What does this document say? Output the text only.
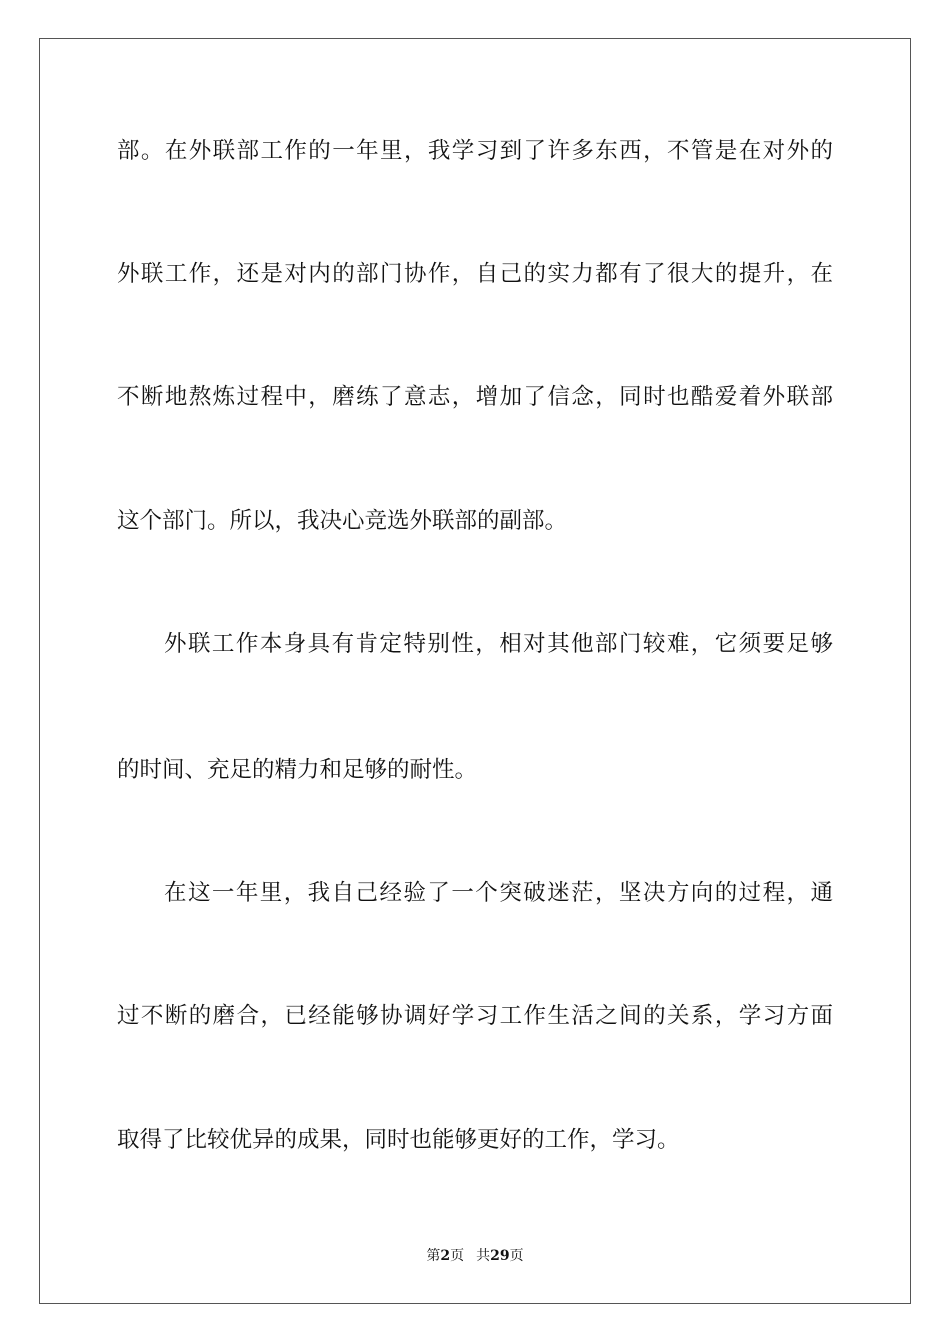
部。在外联部工作的一年里，我学习到了许多东西，不管是在对外的
外联工作，还是对内的部门协作，自己的实力都有了很大的提升，在
不断地熬炼过程中，磨练了意志，增加了信念，同时也酷爱着外联部
这个部门。所以，我决心竞选外联部的副部。
外联工作本身具有肯定特别性，相对其他部门较难，它须要足够
的时间、充足的精力和足够的耐性。
在这一年里，我自己经验了一个突破迷茫，坚决方向的过程，通
过不断的磨合，已经能够协调好学习工作生活之间的关系，学习方面
取得了比较优异的成果，同时也能够更好的工作，学习。
第2页 共29页
